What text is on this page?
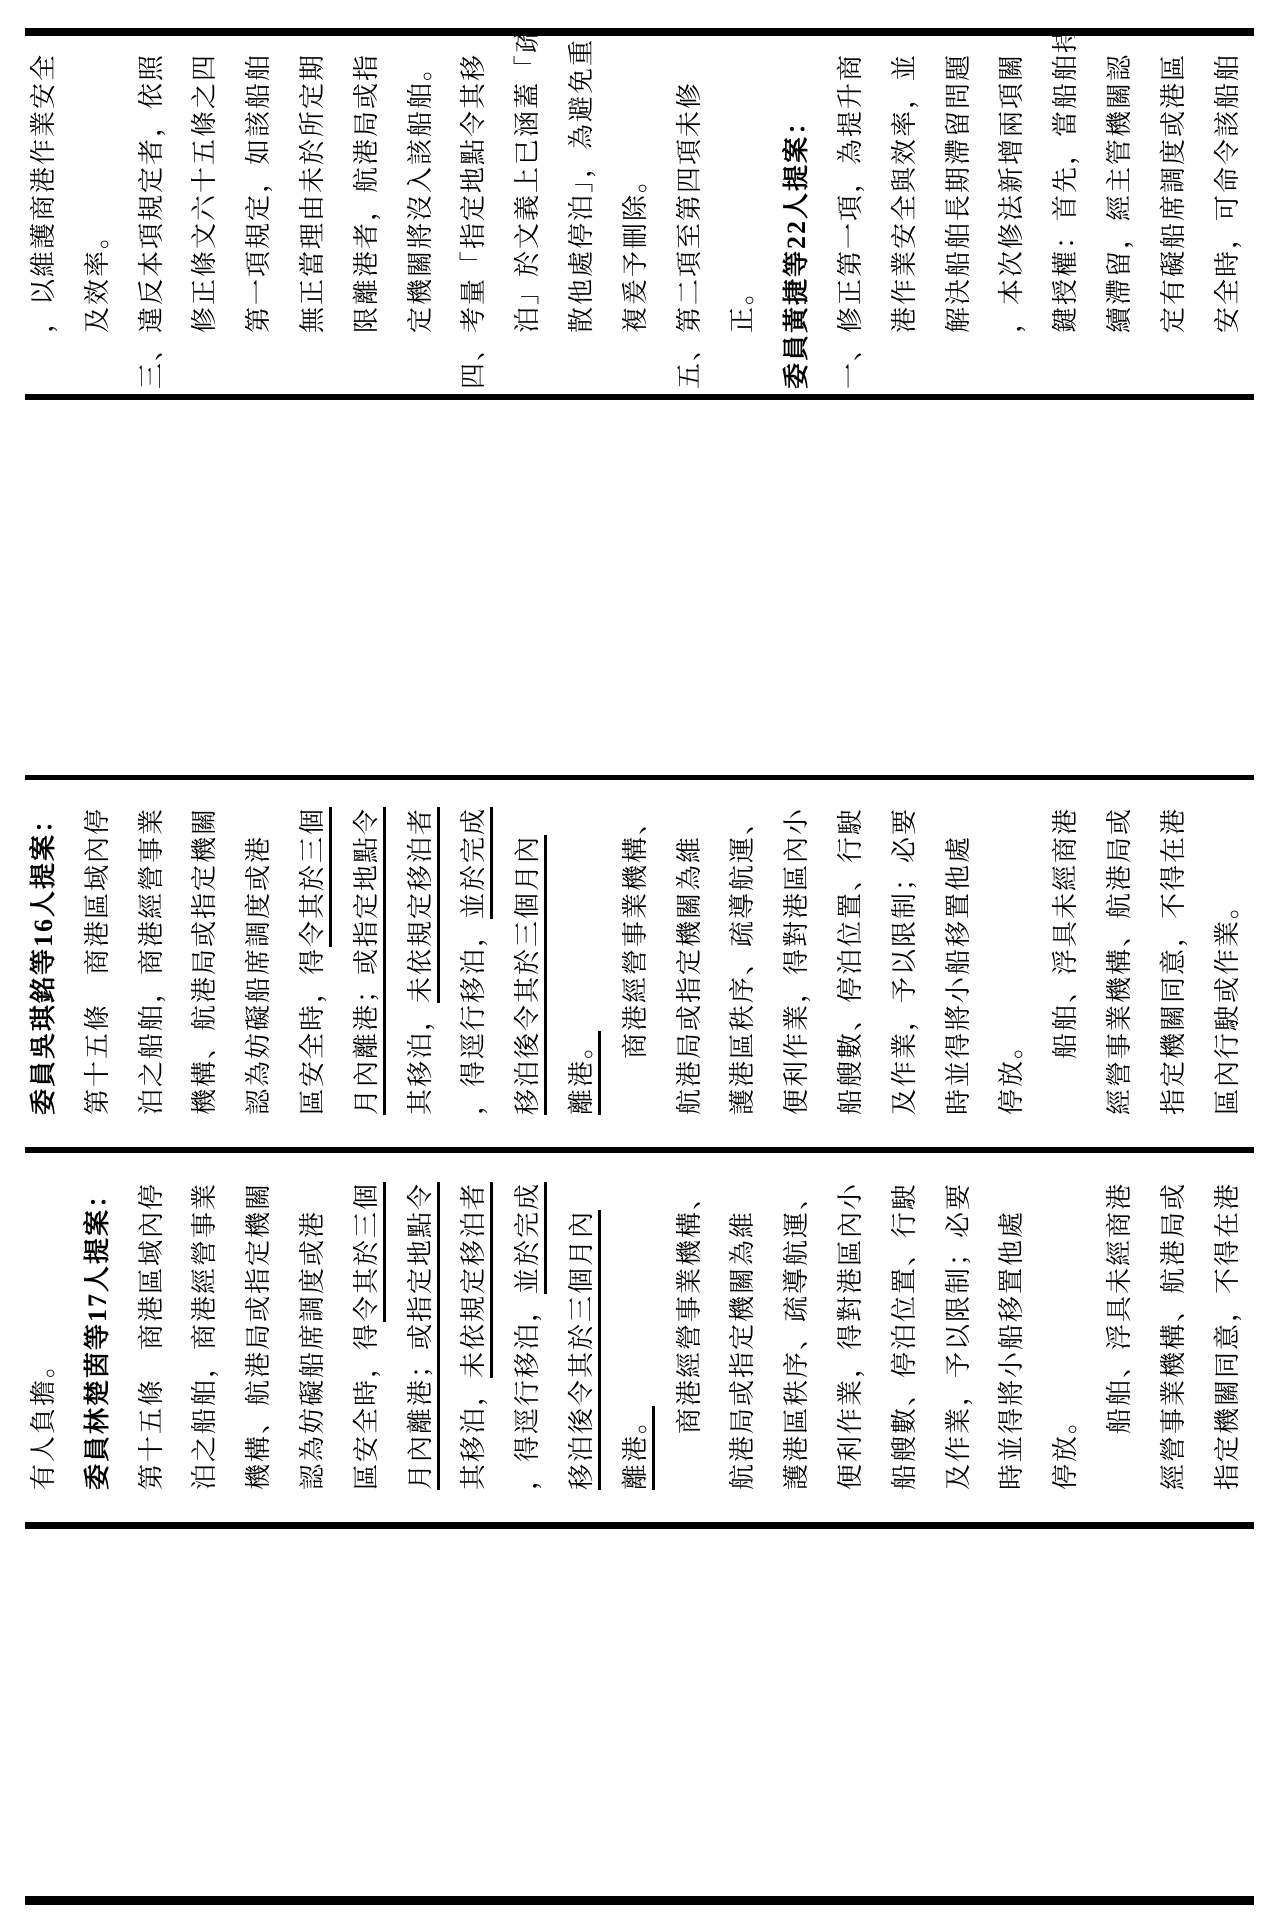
有人負擔。 委員林楚茵等17人提案： 第十五條　商港區域內停 泊之船舶，商港經營事業 機構、航港局或指定機關 認為妨礙船席調度或港 區安全時，得令其於三個 月內離港；或指定地點令 其移泊，未依規定移泊者
，得逕行移泊，並於完成 移泊後令其於三個月內 離港。
商港經營事業機構、 航港局或指定機關為維 護港區秩序、疏導航運、 便利作業，得對港區內小 船艘數、停泊位置、行駛 及作業，予以限制；必要 時並得將小船移置他處 停放。
船舶、浮具未經商港 經營事業機構、航港局或 指定機關同意，不得在港
委員吳琪銘等16人提案： 第十五條　商港區域內停 泊之船舶，商港經營事業 機構、航港局或指定機關 認為妨礙船席調度或港 區安全時，得令其於三個 月內離港；或指定地點令 其移泊，未依規定移泊者
，得逕行移泊，並於完成 移泊後令其於三個月內 離港。
商港經營事業機構、 航港局或指定機關為維 護港區秩序、疏導航運、 便利作業，得對港區內小 船艘數、停泊位置、行駛 及作業，予以限制；必要 時並得將小船移置他處 停放。
船舶、浮具未經商港 經營事業機構、航港局或 指定機關同意，不得在港 區內行駛或作業。
，以維護商港作業安全 及效率。 三、違反本項規定者，依照 修正條文六十五條之四 第一項規定，如該船舶 無正當理由未於所定期 限離港者，航港局或指 定機關將沒入該船舶。 四、考量「指定地點令其移 泊」於文義上已涵蓋「疏 散他處停泊」，為避免重 複爰予刪除。 五、第二項至第四項未修 正。 委員黃捷等22人提案： 一、修正第一項，為提升商 港作業安全與效率，並 解決船舶長期滯留問題 ，本次修法新增兩項關 鍵授權：首先，當船舶持 續滯留，經主管機關認 定有礙船席調度或港區 安全時，可命令該船舶
